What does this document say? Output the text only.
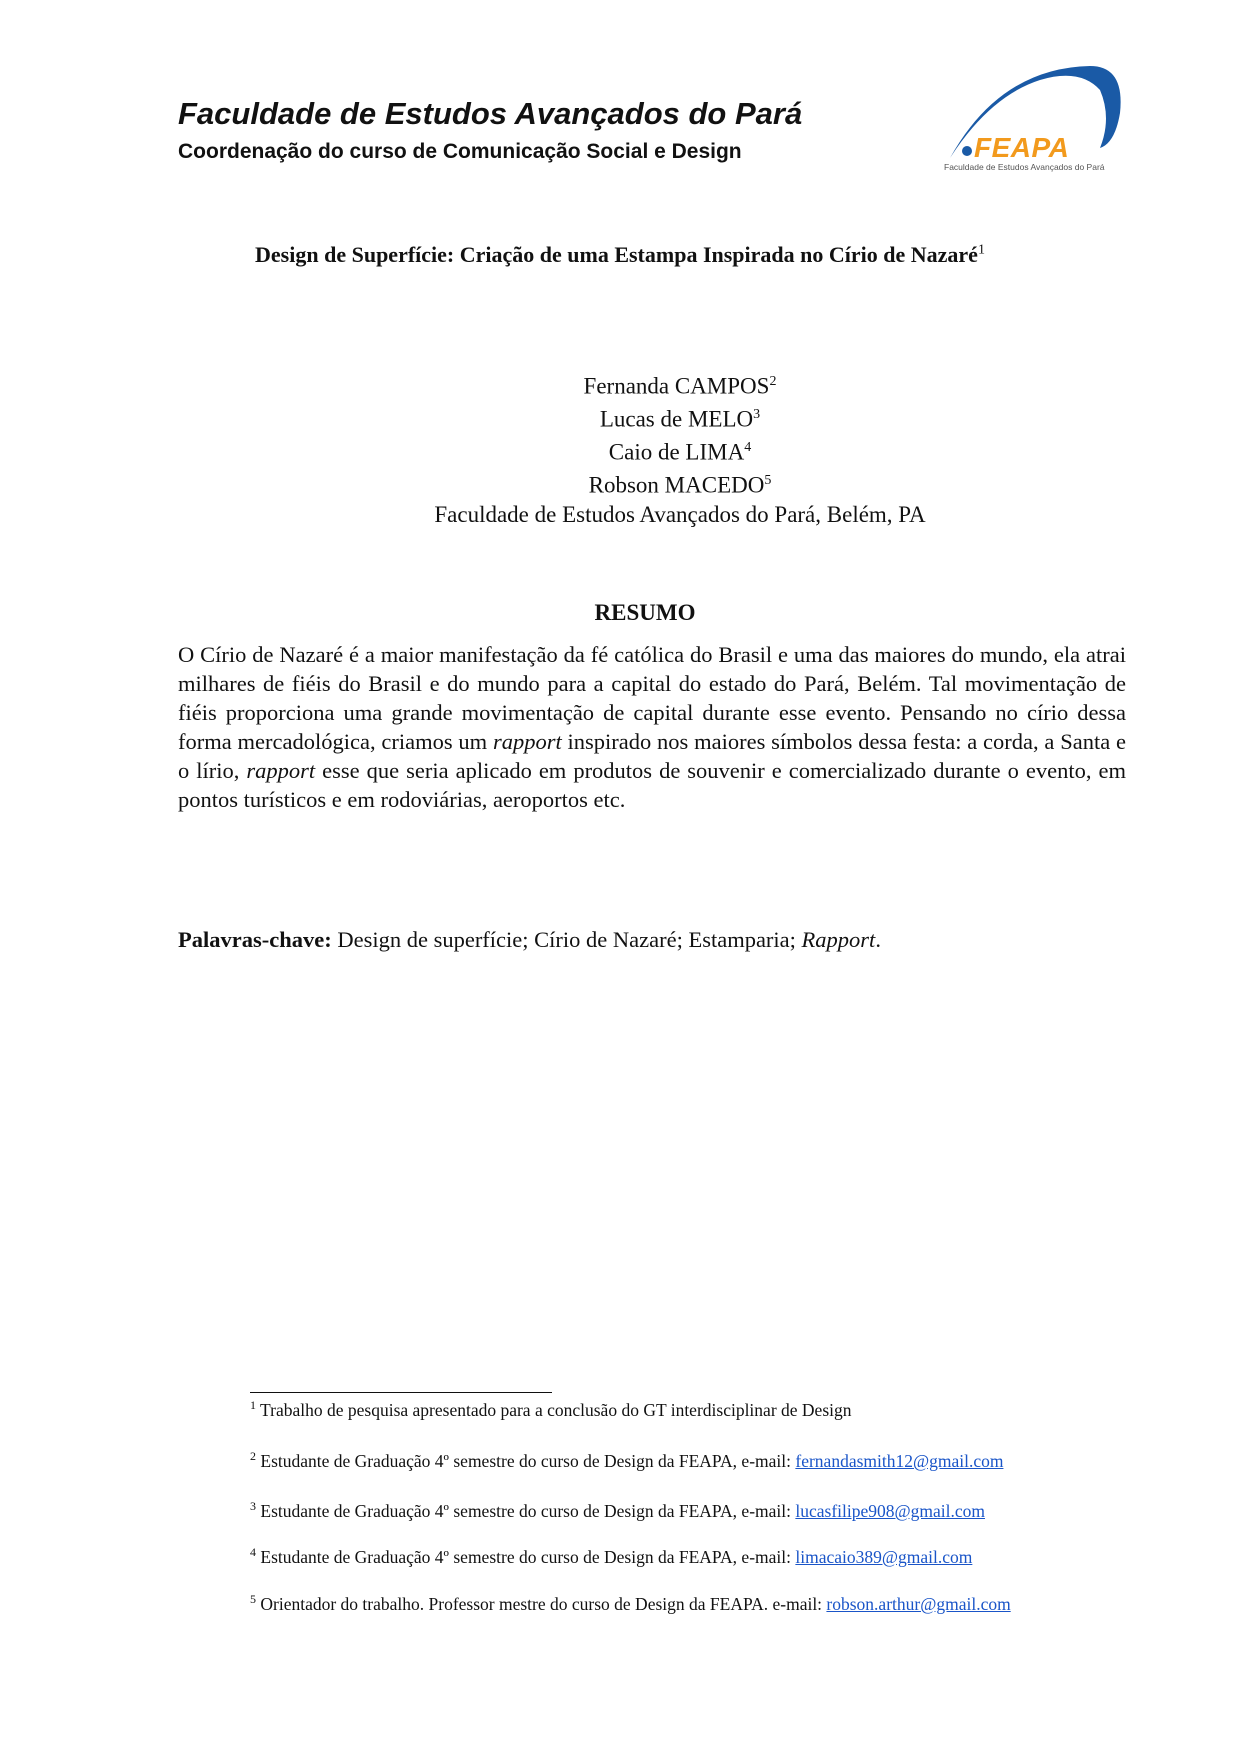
Faculdade de Estudos Avançados do Pará

Coordenação do curso de Comunicação Social e Design	FEAPA
Faculdade de Estudos Avançados do Pará
Design de Superfície: Criação de uma Estampa Inspirada no Círio de Nazaré$^1$
Fernanda CAMPOS$^2$
Lucas de MELO$^3$
Caio de LIMA$^4$
Robson MACEDO$^5$
Faculdade de Estudos Avançados do Pará, Belém, PA
RESUMO

O Círio de Nazaré é a maior manifestação da fé católica do Brasil e uma das maiores do mundo, ela atrai milhares de fiéis do Brasil e do mundo para a capital do estado do Pará, Belém. Tal movimentação de fiéis proporciona uma grande movimentação de capital durante esse evento. Pensando no círio dessa forma mercadológica, criamos um rapport inspirado nos maiores símbolos dessa festa: a corda, a Santa e o lírio, rapport esse que seria aplicado em produtos de souvenir e comercializado durante o evento, em pontos turísticos e em rodoviárias, aeroportos etc.

Palavras-chave: Design de superfície; Círio de Nazaré; Estamparia; Rapport.
$^1$ Trabalho de pesquisa apresentado para a conclusão do GT interdisciplinar de Design
$^2$ Estudante de Graduação 4º semestre do curso de Design da FEAPA, e-mail: fernandasmith12@gmail.com
$^3$ Estudante de Graduação 4º semestre do curso de Design da FEAPA, e-mail: lucasfilipe908@gmail.com
$^4$ Estudante de Graduação 4º semestre do curso de Design da FEAPA, e-mail: limacaio389@gmail.com
$^5$ Orientador do trabalho. Professor mestre do curso de Design da FEAPA. e-mail: robson.arthur@gmail.com
